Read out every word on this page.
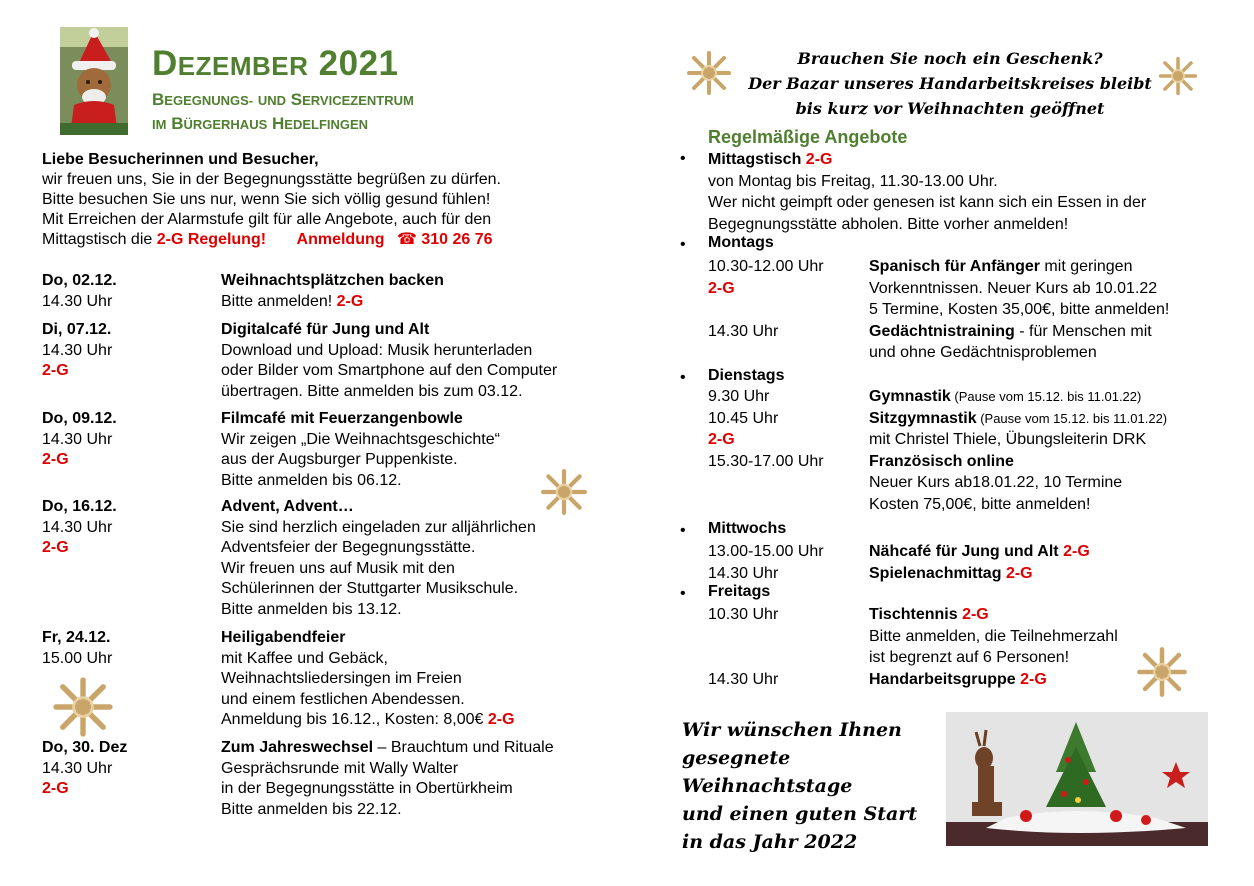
DEZEMBER 2021
BEGEGNUNGS- UND SERVICEZENTRUM
IM BÜRGERHAUS HEDELFINGEN
Liebe Besucherinnen und Besucher,
wir freuen uns, Sie in der Begegnungsstätte begrüßen zu dürfen.
Bitte besuchen Sie uns nur, wenn Sie sich völlig gesund fühlen!
Mit Erreichen der Alarmstufe gilt für alle Angebote, auch für den
Mittagstisch die 2-G Regelung! Anmeldung ☎ 310 26 76
Do, 02.12.
14.30 Uhr
Weihnachtsplätzchen backen
Bitte anmelden! 2-G
Di, 07.12.
14.30 Uhr
2-G
Digitalcafé für Jung und Alt
Download und Upload: Musik herunterladen
oder Bilder vom Smartphone auf den Computer
übertragen. Bitte anmelden bis zum 03.12.
Do, 09.12.
14.30 Uhr
2-G
Filmcafé mit Feuerzangenbowle
Wir zeigen „Die Weihnachtsgeschichte“
aus der Augsburger Puppenkiste.
Bitte anmelden bis 06.12.
Do, 16.12.
14.30 Uhr
2-G
Advent, Advent…
Sie sind herzlich eingeladen zur alljährlichen
Adventsfeier der Begegnungsstätte.
Wir freuen uns auf Musik mit den
Schülerinnen der Stuttgarter Musikschule.
Bitte anmelden bis 13.12.
Fr, 24.12.
15.00 Uhr
Heiligabendfeier
mit Kaffee und Gebäck,
Weihnachtsliedersingen im Freien
und einem festlichen Abendessen.
Anmeldung bis 16.12., Kosten: 8,00€ 2-G
Do, 30. Dez
14.30 Uhr
2-G
Zum Jahreswechsel – Brauchtum und Rituale
Gesprächsrunde mit Wally Walter
in der Begegnungsstätte in Obertürkheim
Bitte anmelden bis 22.12.
Brauchen Sie noch ein Geschenk?
Der Bazar unseres Handarbeitskreises bleibt
bis kurz vor Weihnachten geöffnet
Regelmäßige Angebote
• Mittagstisch 2-G
von Montag bis Freitag, 11.30-13.00 Uhr.
Wer nicht geimpft oder genesen ist kann sich ein Essen in der
Begegnungsstätte abholen. Bitte vorher anmelden!
• Montags
10.30-12.00 Uhr
2-G

14.30 Uhr
Spanisch für Anfänger mit geringen
Vorkenntnissen. Neuer Kurs ab 10.01.22
5 Termine, Kosten 35,00€, bitte anmelden!
Gedächtnistraining - für Menschen mit
und ohne Gedächtnisproblemen
• Dienstags
9.30 Uhr
10.45 Uhr
2-G
15.30-17.00 Uhr
Gymnastik (Pause vom 15.12. bis 11.01.22)
Sitzgymnastik (Pause vom 15.12. bis 11.01.22)
mit Christel Thiele, Übungsleiterin DRK
Französisch online
Neuer Kurs ab18.01.22, 10 Termine
Kosten 75,00€, bitte anmelden!
• Mittwochs
13.00-15.00 Uhr
14.30 Uhr
Nähcafé für Jung und Alt 2-G
Spielenachmittag 2-G
• Freitags
10.30 Uhr

14.30 Uhr
Tischtennis 2-G
Bitte anmelden, die Teilnehmerzahl
ist begrenzt auf 6 Personen!
Handarbeitsgruppe 2-G
Wir wünschen Ihnen
gesegnete Weihnachtstage
und einen guten Start
in das Jahr 2022
